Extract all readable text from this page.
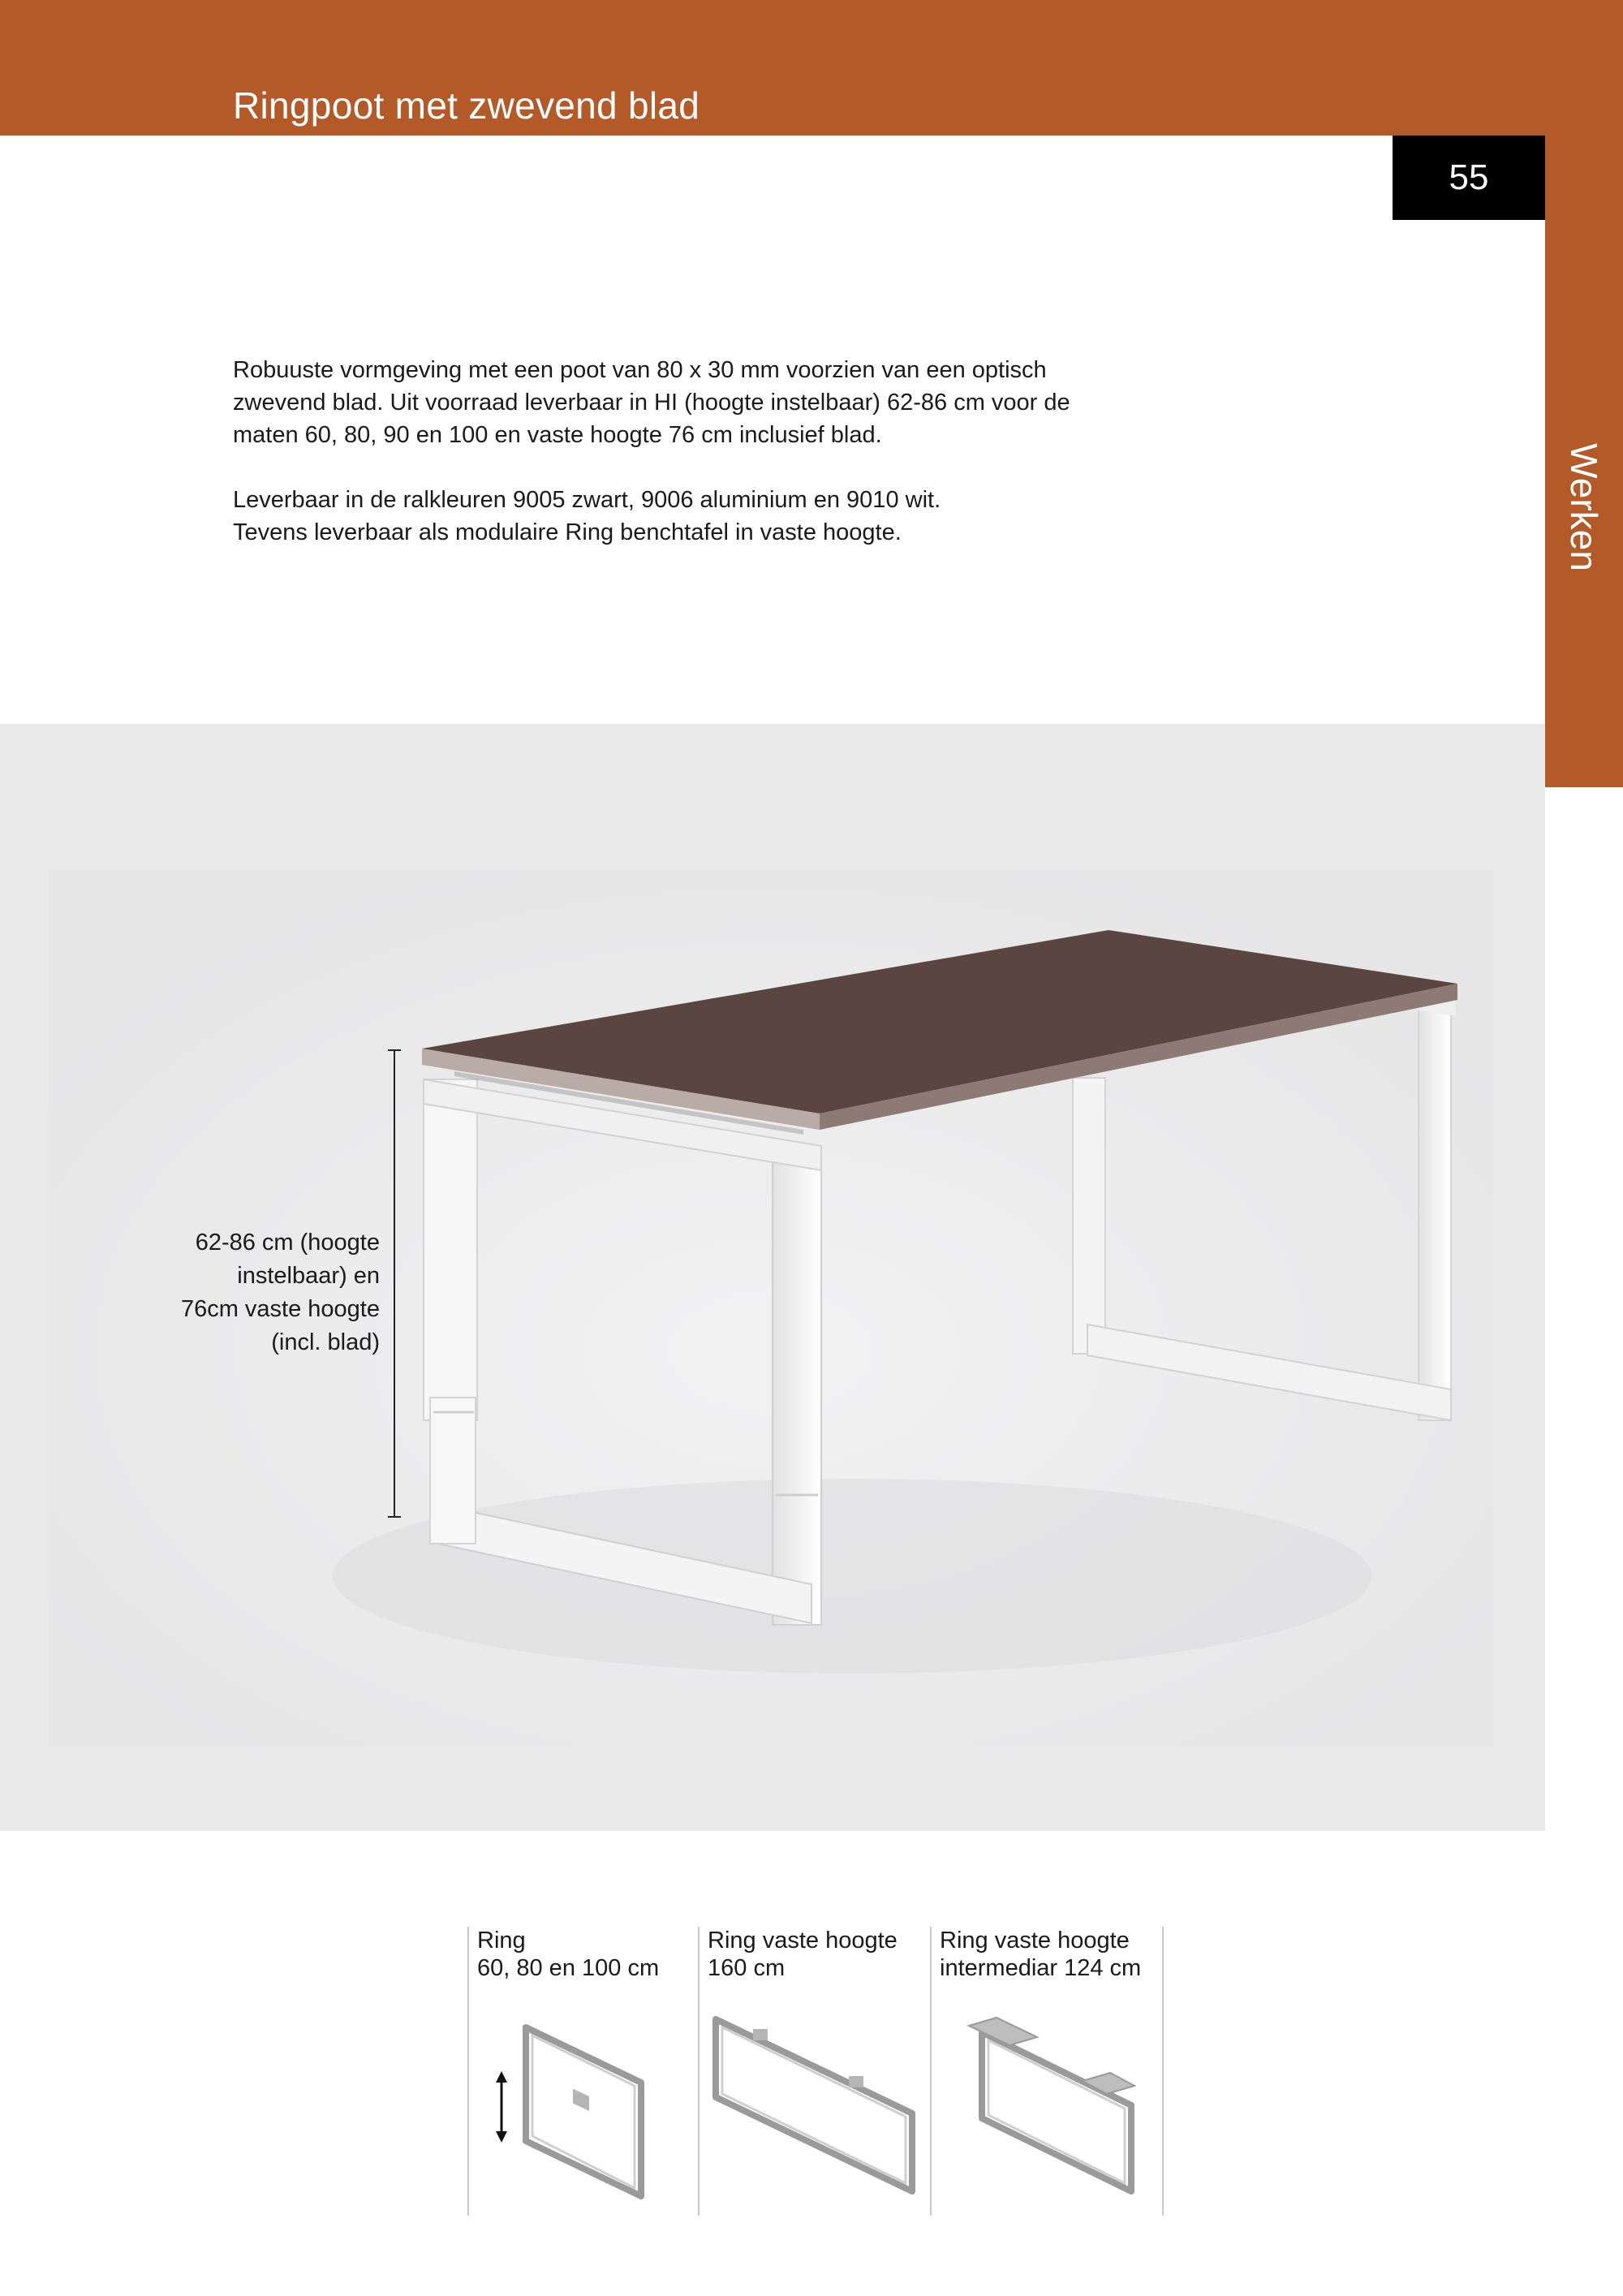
Ringpoot met zwevend blad
55
Werken

Robuuste vormgeving met een poot van 80 x 30 mm voorzien van een optisch
zwevend blad. Uit voorraad leverbaar in HI (hoogte instelbaar) 62-86 cm voor de
maten 60, 80, 90 en 100 en vaste hoogte 76 cm inclusief blad.

Leverbaar in de ralkleuren 9005 zwart, 9006 aluminium en 9010 wit.
Tevens leverbaar als modulaire Ring benchtafel in vaste hoogte.

62-86 cm (hoogte
instelbaar) en
76cm vaste hoogte
(incl. blad)
Ring
60, 80 en 100 cm
Ring vaste hoogte
160 cm
Ring vaste hoogte
intermediar 124 cm
